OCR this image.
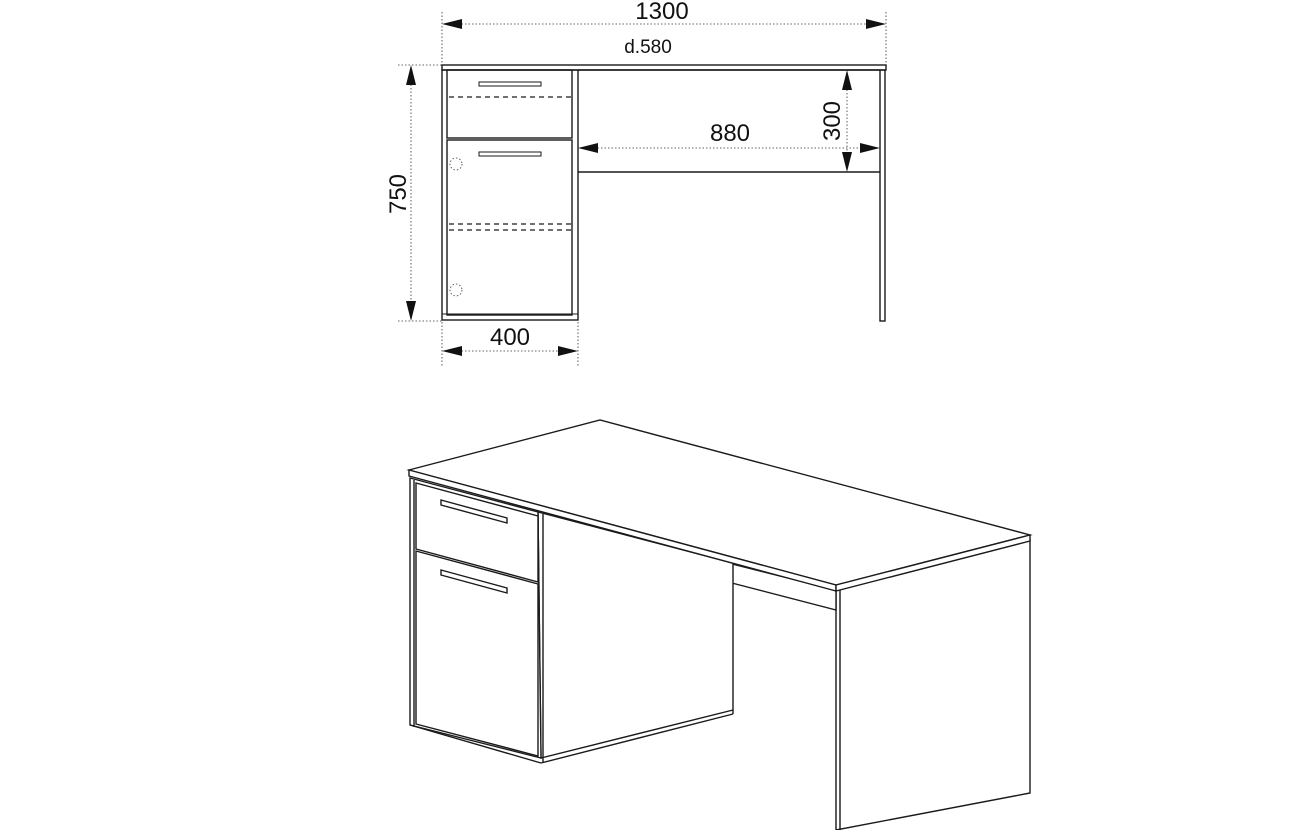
1300
d.580
750
880	300
400
